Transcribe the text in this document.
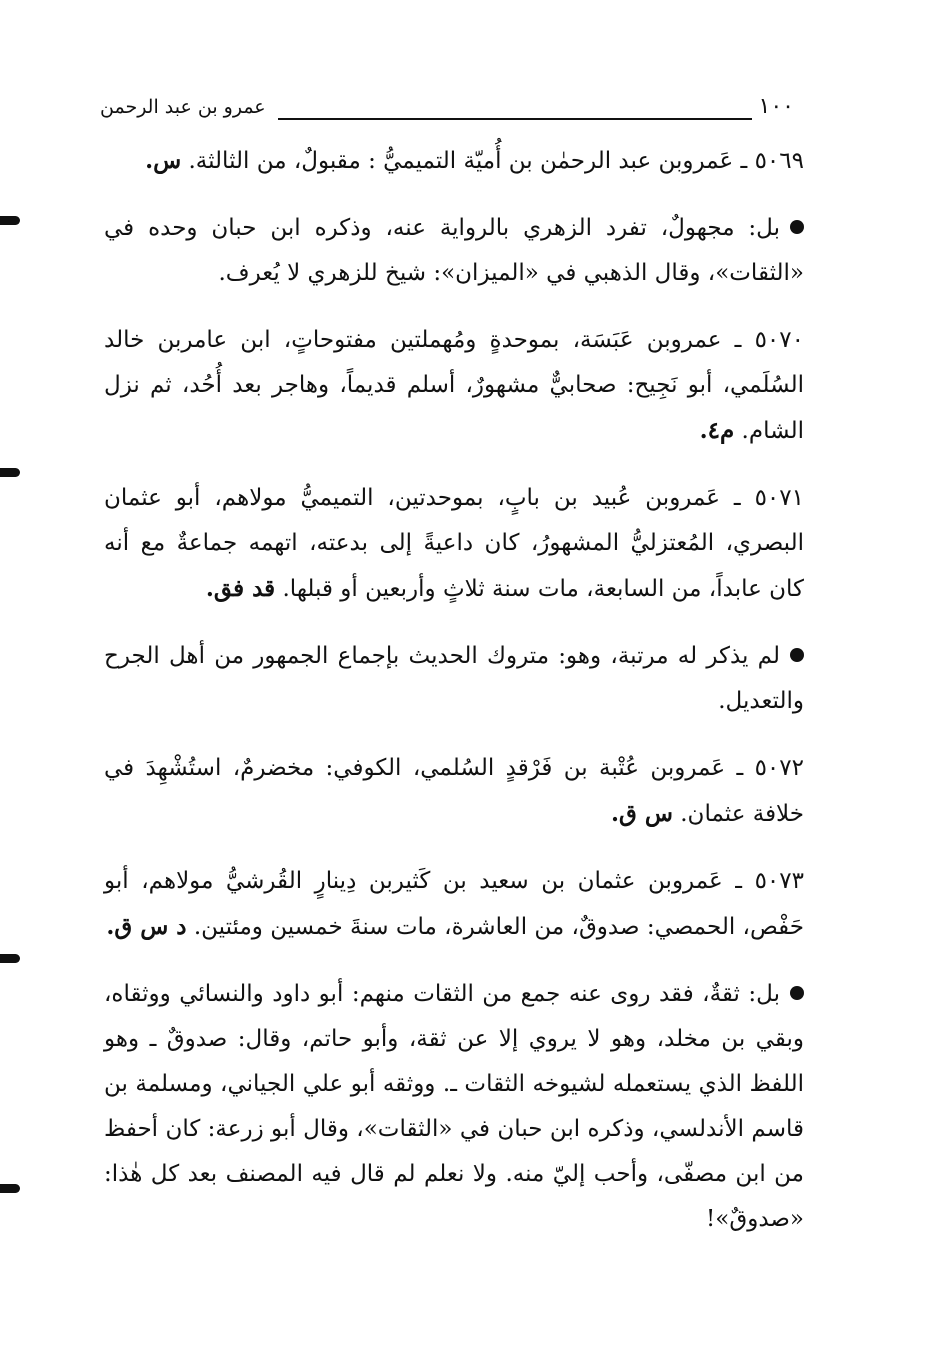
١٠٠
عمرو بن عبد الرحمن

٥٠٦٩ ـ عَمروبن عبد الرحمٰن بن أُميّة التميميُّ : مقبولٌ، من الثالثة. س.

بل: مجهولٌ، تفرد الزهري بالرواية عنه، وذكره ابن حبان وحده في «الثقات»، وقال الذهبي في «الميزان»: شيخ للزهري لا يُعرف.

٥٠٧٠ ـ عمروبن عَبَسَة، بموحدةٍ ومُهملتين مفتوحاتٍ، ابن عامربن خالد السُلَمي، أبو نَجِيح: صحابيٌّ مشهورٌ، أسلم قديماً، وهاجر بعد أُحُد، ثم نزل الشام. م٤.

٥٠٧١ ـ عَمروبن عُبيد بن بابٍ، بموحدتين، التميميُّ مولاهم، أبو عثمان البصري، المُعتزليُّ المشهورُ، كان داعيةً إلى بدعته، اتهمه جماعةٌ مع أنه كان عابداً، من السابعة، مات سنة ثلاثٍ وأربعين أو قبلها. قد فق.

لم يذكر له مرتبة، وهو: متروك الحديث بإجماع الجمهور من أهل الجرح والتعديل.

٥٠٧٢ ـ عَمروبن عُتْبة بن فَرْقدٍ السُلمي، الكوفي: مخضرمٌ، استُشْهِدَ في خلافة عثمان. س ق.

٥٠٧٣ ـ عَمروبن عثمان بن سعيد بن كَثيربن دِينارٍ القُرشيُّ مولاهم، أبو حَفْص، الحمصي: صدوقٌ، من العاشرة، مات سنةَ خمسين ومئتين. د س ق.

بل: ثقةٌ، فقد روى عنه جمع من الثقات منهم: أبو داود والنسائي ووثقاه، وبقي بن مخلد، وهو لا يروي إلا عن ثقة، وأبو حاتم، وقال: صدوقٌ ـ وهو اللفظ الذي يستعمله لشيوخه الثقات ـ. ووثقه أبو علي الجياني، ومسلمة بن قاسم الأندلسي، وذكره ابن حبان في «الثقات»، وقال أبو زرعة: كان أحفظ من ابن مصفّى، وأحب إليّ منه. ولا نعلم لم قال فيه المصنف بعد كل هٰذا: «صدوقٌ»!
